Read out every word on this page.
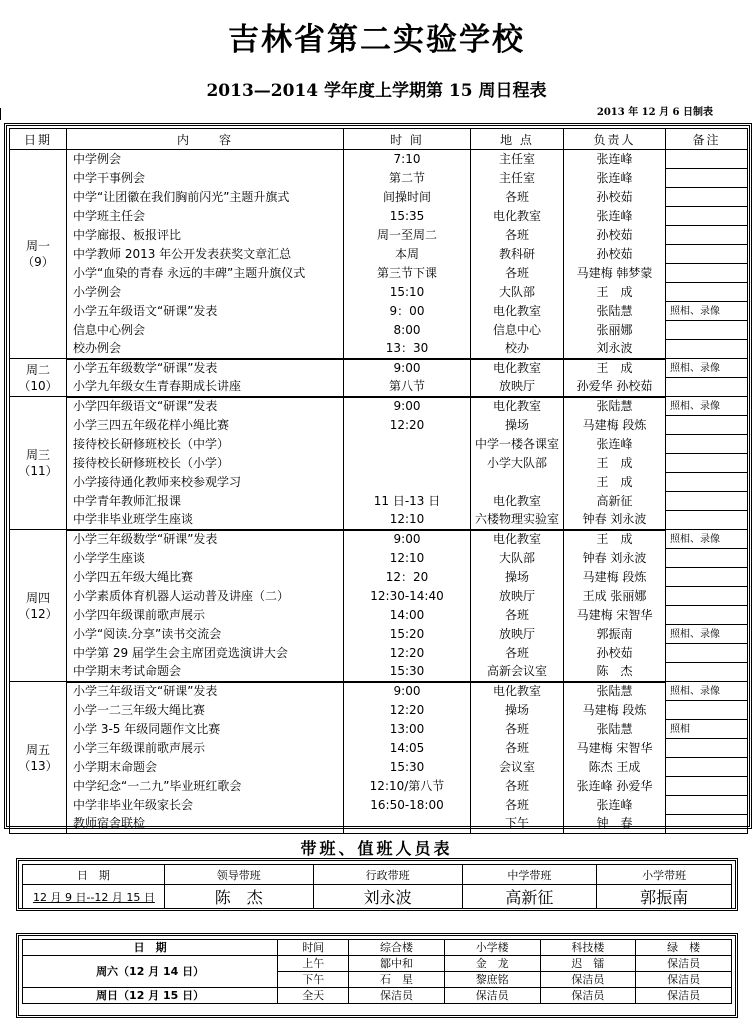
吉林省第二实验学校
2013—2014 学年度上学期第 15 周日程表
2013 年 12 月 6 日制表
日期	内　　容	时 间	地 点	负责人	备注

周一
（9）	中学例会	7:10	主任室	张连峰	
	中学干事例会	第二节	主任室	张连峰	
	中学“让团徽在我们胸前闪光”主题升旗式	间操时间	各班	孙校茹	
	中学班主任会	15:35	电化教室	张连峰	
	中学廊报、板报评比	周一至周二	各班	孙校茹	
	中学教师 2013 年公开发表获奖文章汇总	本周	教科研	孙校茹	
	小学“血染的青春 永远的丰碑”主题升旗仪式	第三节下课	各班	马建梅 韩梦蒙	
	小学例会	15:10	大队部	王　成	
	小学五年级语文“研课”发表	9：00	电化教室	张陆慧	照相、录像
	信息中心例会	8:00	信息中心	张丽娜	
	校办例会	13：30	校办	刘永波	

周二
（10）	小学五年级数学“研课”发表	9:00	电化教室	王　成	照相、录像
	小学九年级女生青春期成长讲座	第八节	放映厅	孙爱华 孙校茹	

周三
（11）	小学四年级语文“研课”发表	9:00	电化教室	张陆慧	照相、录像
	小学三四五年级花样小绳比赛	12:20	操场	马建梅 段炼	
	接待校长研修班校长（中学）		中学一楼各课室	张连峰	
	接待校长研修班校长（小学）		小学大队部	王　成	
	小学接待通化教师来校参观学习			王　成	
	中学青年教师汇报课	11 日-13 日	电化教室	高新征	
	中学非毕业班学生座谈	12:10	六楼物理实验室	钟春 刘永波	

周四
（12）	小学三年级数学“研课”发表	9:00	电化教室	王　成	照相、录像
	小学学生座谈	12:10	大队部	钟春 刘永波	
	小学四五年级大绳比赛	12：20	操场	马建梅 段炼	
	小学素质体育机器人运动普及讲座（二）	12:30-14:40	放映厅	王成 张丽娜	
	小学四年级课前歌声展示	14:00	各班	马建梅 宋智华	
	小学“阅读.分享”读书交流会	15:20	放映厅	郭振南	照相、录像
	中学第 29 届学生会主席团竞选演讲大会	12:20	各班	孙校茹	
	中学期末考试命题会	15:30	高新会议室	陈　杰	

周五
（13）	小学三年级语文“研课”发表	9:00	电化教室	张陆慧	照相、录像
	小学一二三年级大绳比赛	12:20	操场	马建梅 段炼	
	小学 3-5 年级同题作文比赛	13:00	各班	张陆慧	照相
	小学三年级课前歌声展示	14:05	各班	马建梅 宋智华	
	小学期末命题会	15:30	会议室	陈杰 王成	
	中学纪念“一二九”毕业班红歌会	12:10/第八节	各班	张连峰 孙爱华	
	中学非毕业年级家长会	16:50-18:00	各班	张连峰	
	教师宿舍联检		下午	钟　春	
带班、值班人员表
日　期	领导带班	行政带班	中学带班	小学带班
12 月 9 日--12 月 15 日	陈　杰	刘永波	高新征	郭振南
日　期	时间	综合楼	小学楼	科技楼	绿　楼
周六（12 月 14 日）	上午	鄒中和	金　龙	迟　镭	保洁员
	下午	石　星	黎庶铭	保洁员	保洁员
周日（12 月 15 日）	全天	保洁员	保洁员	保洁员	保洁员
